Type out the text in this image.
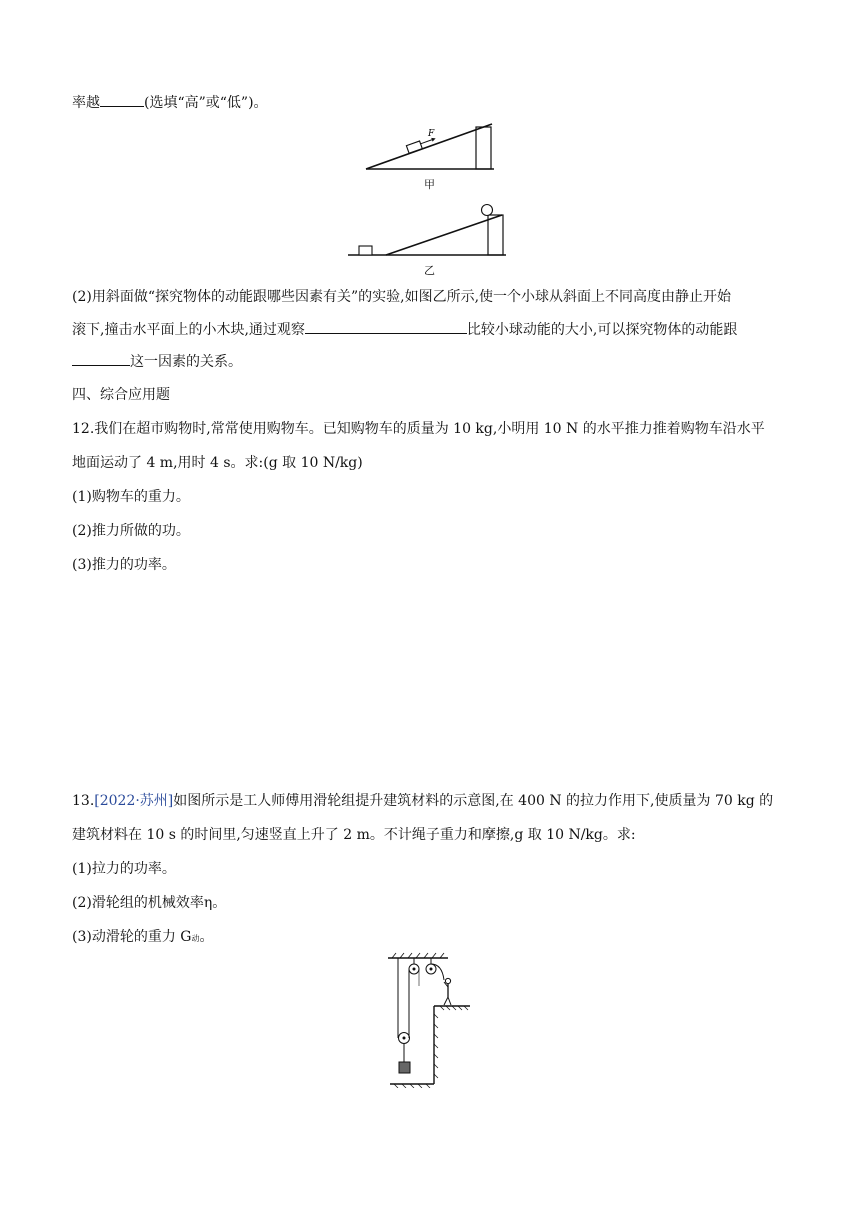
率越	(选填“高”或“低”)。
F
甲
乙
(2)用斜面做“探究物体的动能跟哪些因素有关”的实验,如图乙所示,使一个小球从斜面上不同高度由静止开始
滚下,撞击水平面上的小木块,通过观察	比较小球动能的大小,可以探究物体的动能跟
这一因素的关系。
四、综合应用题
12.我们在超市购物时,常常使用购物车。已知购物车的质量为 10 kg,小明用 10 N 的水平推力推着购物车沿水平
地面运动了 4 m,用时 4 s。求:(g 取 10 N/kg)
(1)购物车的重力。
(2)推力所做的功。
(3)推力的功率。
13.[2022·苏州]如图所示是工人师傅用滑轮组提升建筑材料的示意图,在 400 N 的拉力作用下,使质量为 70 kg 的
建筑材料在 10 s 的时间里,匀速竖直上升了 2 m。不计绳子重力和摩擦,g 取 10 N/kg。求:
(1)拉力的功率。
(2)滑轮组的机械效率η。
(3)动滑轮的重力 G动。
